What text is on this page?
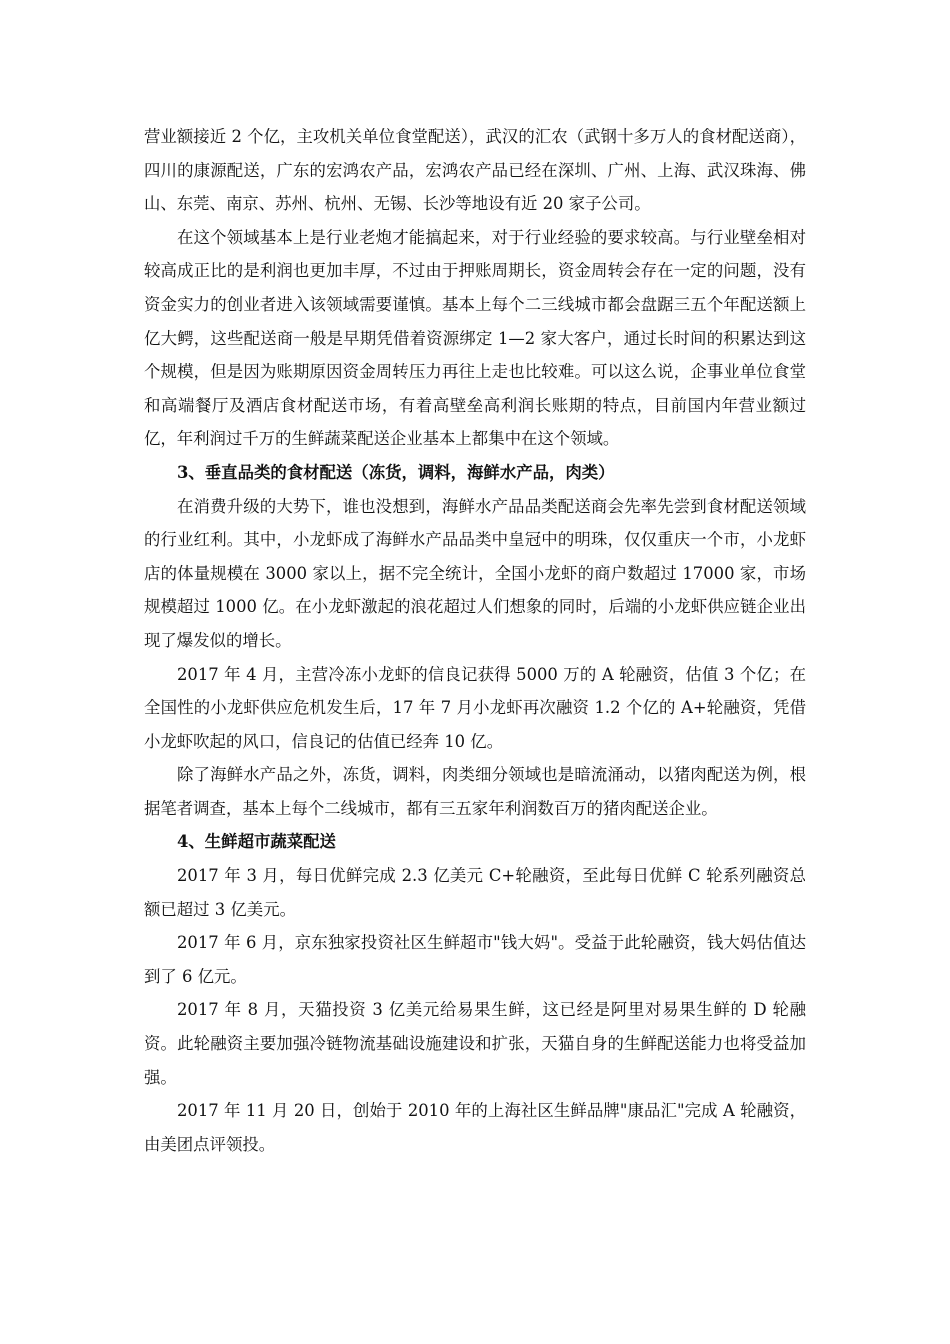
营业额接近 2 个亿，主攻机关单位食堂配送），武汉的汇农（武钢十多万人的食材配送商），四川的康源配送，广东的宏鸿农产品，宏鸿农产品已经在深圳、广州、上海、武汉珠海、佛山、东莞、南京、苏州、杭州、无锡、长沙等地设有近 20 家子公司。

在这个领域基本上是行业老炮才能搞起来，对于行业经验的要求较高。与行业壁垒相对较高成正比的是利润也更加丰厚，不过由于押账周期长，资金周转会存在一定的问题，没有资金实力的创业者进入该领域需要谨慎。基本上每个二三线城市都会盘踞三五个年配送额上亿大鳄，这些配送商一般是早期凭借着资源绑定 1—2 家大客户，通过长时间的积累达到这个规模，但是因为账期原因资金周转压力再往上走也比较难。可以这么说，企事业单位食堂和高端餐厅及酒店食材配送市场，有着高壁垒高利润长账期的特点，目前国内年营业额过亿，年利润过千万的生鲜蔬菜配送企业基本上都集中在这个领域。

3、垂直品类的食材配送（冻货，调料，海鲜水产品，肉类）

在消费升级的大势下，谁也没想到，海鲜水产品品类配送商会先率先尝到食材配送领域的行业红利。其中，小龙虾成了海鲜水产品品类中皇冠中的明珠，仅仅重庆一个市，小龙虾店的体量规模在 3000 家以上，据不完全统计，全国小龙虾的商户数超过 17000 家，市场规模超过 1000 亿。在小龙虾激起的浪花超过人们想象的同时，后端的小龙虾供应链企业出现了爆发似的增长。

2017 年 4 月，主营冷冻小龙虾的信良记获得 5000 万的 A 轮融资，估值 3 个亿；在全国性的小龙虾供应危机发生后，17 年 7 月小龙虾再次融资 1.2 个亿的 A+轮融资，凭借小龙虾吹起的风口，信良记的估值已经奔 10 亿。

除了海鲜水产品之外，冻货，调料，肉类细分领域也是暗流涌动，以猪肉配送为例，根据笔者调查，基本上每个二线城市，都有三五家年利润数百万的猪肉配送企业。

4、生鲜超市蔬菜配送

2017 年 3 月，每日优鲜完成 2.3 亿美元 C+轮融资，至此每日优鲜 C 轮系列融资总额已超过 3 亿美元。

2017 年 6 月，京东独家投资社区生鲜超市"钱大妈"。受益于此轮融资，钱大妈估值达到了 6 亿元。

2017 年 8 月，天猫投资 3 亿美元给易果生鲜，这已经是阿里对易果生鲜的 D 轮融资。此轮融资主要加强冷链物流基础设施建设和扩张，天猫自身的生鲜配送能力也将受益加强。

2017 年 11 月 20 日，创始于 2010 年的上海社区生鲜品牌"康品汇"完成 A 轮融资，由美团点评领投。
